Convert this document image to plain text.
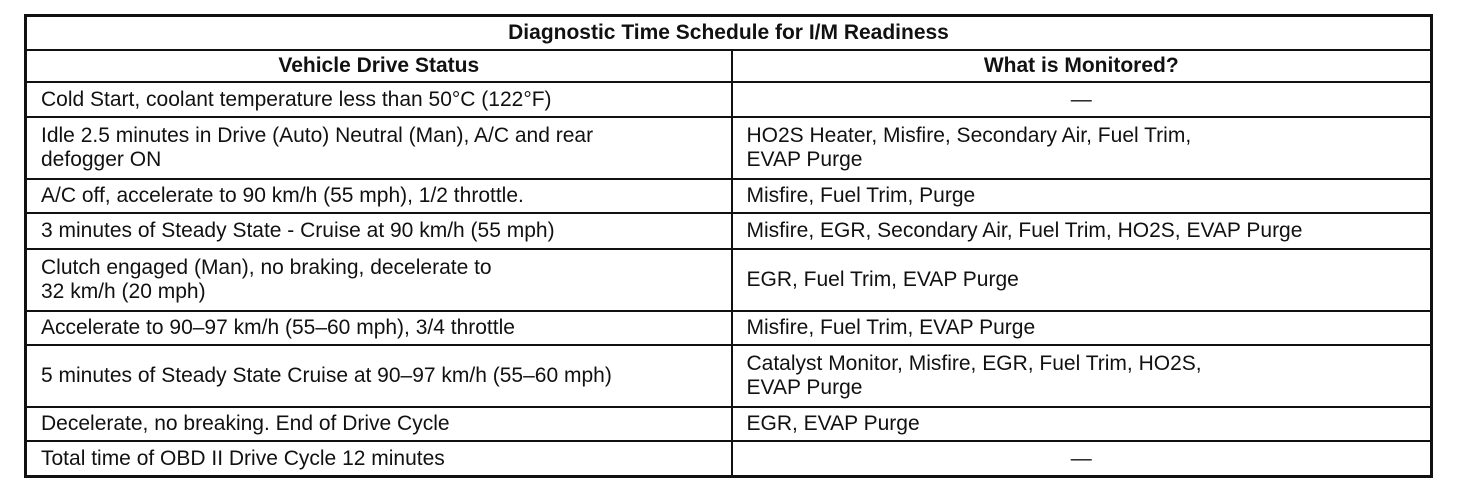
Diagnostic Time Schedule for I/M Readiness	
Vehicle Drive Status	What is Monitored?

Cold Start, coolant temperature less than 50°C (122°F)	—

Idle 2.5 minutes in Drive (Auto) Neutral (Man), A/C and rear
defogger ON	HO2S Heater, Misfire, Secondary Air, Fuel Trim,
EVAP Purge

A/C off, accelerate to 90 km/h (55 mph), 1/2 throttle.	Misfire, Fuel Trim, Purge

3 minutes of Steady State - Cruise at 90 km/h (55 mph)	Misfire, EGR, Secondary Air, Fuel Trim, HO2S, EVAP Purge

Clutch engaged (Man), no braking, decelerate to
32 km/h (20 mph)	EGR, Fuel Trim, EVAP Purge

Accelerate to 90–97 km/h (55–60 mph), 3/4 throttle	Misfire, Fuel Trim, EVAP Purge

5 minutes of Steady State Cruise at 90–97 km/h (55–60 mph)	Catalyst Monitor, Misfire, EGR, Fuel Trim, HO2S,
EVAP Purge

Decelerate, no breaking. End of Drive Cycle	EGR, EVAP Purge

Total time of OBD II Drive Cycle 12 minutes	—
